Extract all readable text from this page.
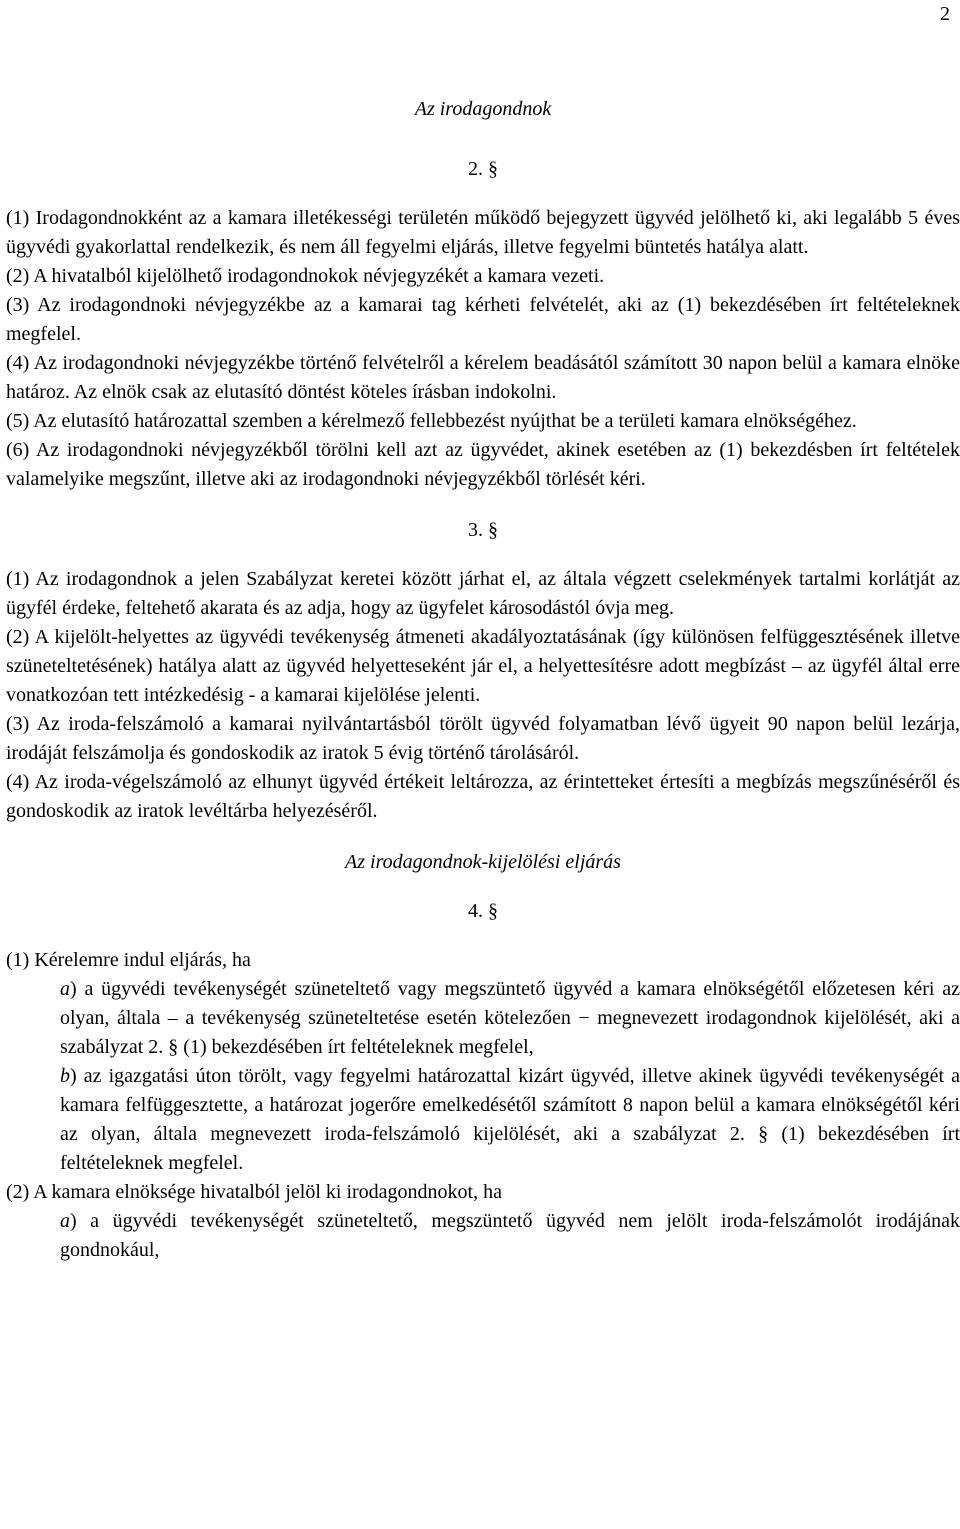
2

Az irodagondnok

2. §

(1) Irodagondnokként az a kamara illetékességi területén működő bejegyzett ügyvéd jelölhető ki, aki legalább 5 éves ügyvédi gyakorlattal rendelkezik, és nem áll fegyelmi eljárás, illetve fegyelmi büntetés hatálya alatt.

(2) A hivatalból kijelölhető irodagondnokok névjegyzékét a kamara vezeti.

(3) Az irodagondnoki névjegyzékbe az a kamarai tag kérheti felvételét, aki az (1) bekezdésében írt feltételeknek megfelel.

(4) Az irodagondnoki névjegyzékbe történő felvételről a kérelem beadásától számított 30 napon belül a kamara elnöke határoz. Az elnök csak az elutasító döntést köteles írásban indokolni.

(5) Az elutasító határozattal szemben a kérelmező fellebbezést nyújthat be a területi kamara elnökségéhez.

(6) Az irodagondnoki névjegyzékből törölni kell azt az ügyvédet, akinek esetében az (1) bekezdésben írt feltételek valamelyike megszűnt, illetve aki az irodagondnoki névjegyzékből törlését kéri.

3. §

(1) Az irodagondnok a jelen Szabályzat keretei között járhat el, az általa végzett cselekmények tartalmi korlátját az ügyfél érdeke, feltehető akarata és az adja, hogy az ügyfelet károsodástól óvja meg.

(2) A kijelölt-helyettes az ügyvédi tevékenység átmeneti akadályoztatásának (így különösen felfüggesztésének illetve szüneteltetésének) hatálya alatt az ügyvéd helyetteseként jár el, a helyettesítésre adott megbízást – az ügyfél által erre vonatkozóan tett intézkedésig - a kamarai kijelölése jelenti.

(3) Az iroda-felszámoló a kamarai nyilvántartásból törölt ügyvéd folyamatban lévő ügyeit 90 napon belül lezárja, irodáját felszámolja és gondoskodik az iratok 5 évig történő tárolásáról.

(4) Az iroda-végelszámoló az elhunyt ügyvéd értékeit leltározza, az érintetteket értesíti a megbízás megszűnéséről és gondoskodik az iratok levéltárba helyezéséről.

Az irodagondnok-kijelölési eljárás

4. §

(1) Kérelemre indul eljárás, ha

a) a ügyvédi tevékenységét szüneteltető vagy megszüntető ügyvéd a kamara elnökségétől előzetesen kéri az olyan, általa – a tevékenység szüneteltetése esetén kötelezően − megnevezett irodagondnok kijelölését, aki a szabályzat 2. § (1) bekezdésében írt feltételeknek megfelel,

b) az igazgatási úton törölt, vagy fegyelmi határozattal kizárt ügyvéd, illetve akinek ügyvédi tevékenységét a kamara felfüggesztette, a határozat jogerőre emelkedésétől számított 8 napon belül a kamara elnökségétől kéri az olyan, általa megnevezett iroda-felszámoló kijelölését, aki a szabályzat 2. § (1) bekezdésében írt feltételeknek megfelel.

(2) A kamara elnöksége hivatalból jelöl ki irodagondnokot, ha

a) a ügyvédi tevékenységét szüneteltető, megszüntető ügyvéd nem jelölt iroda-felszámolót irodájának gondnokául,
